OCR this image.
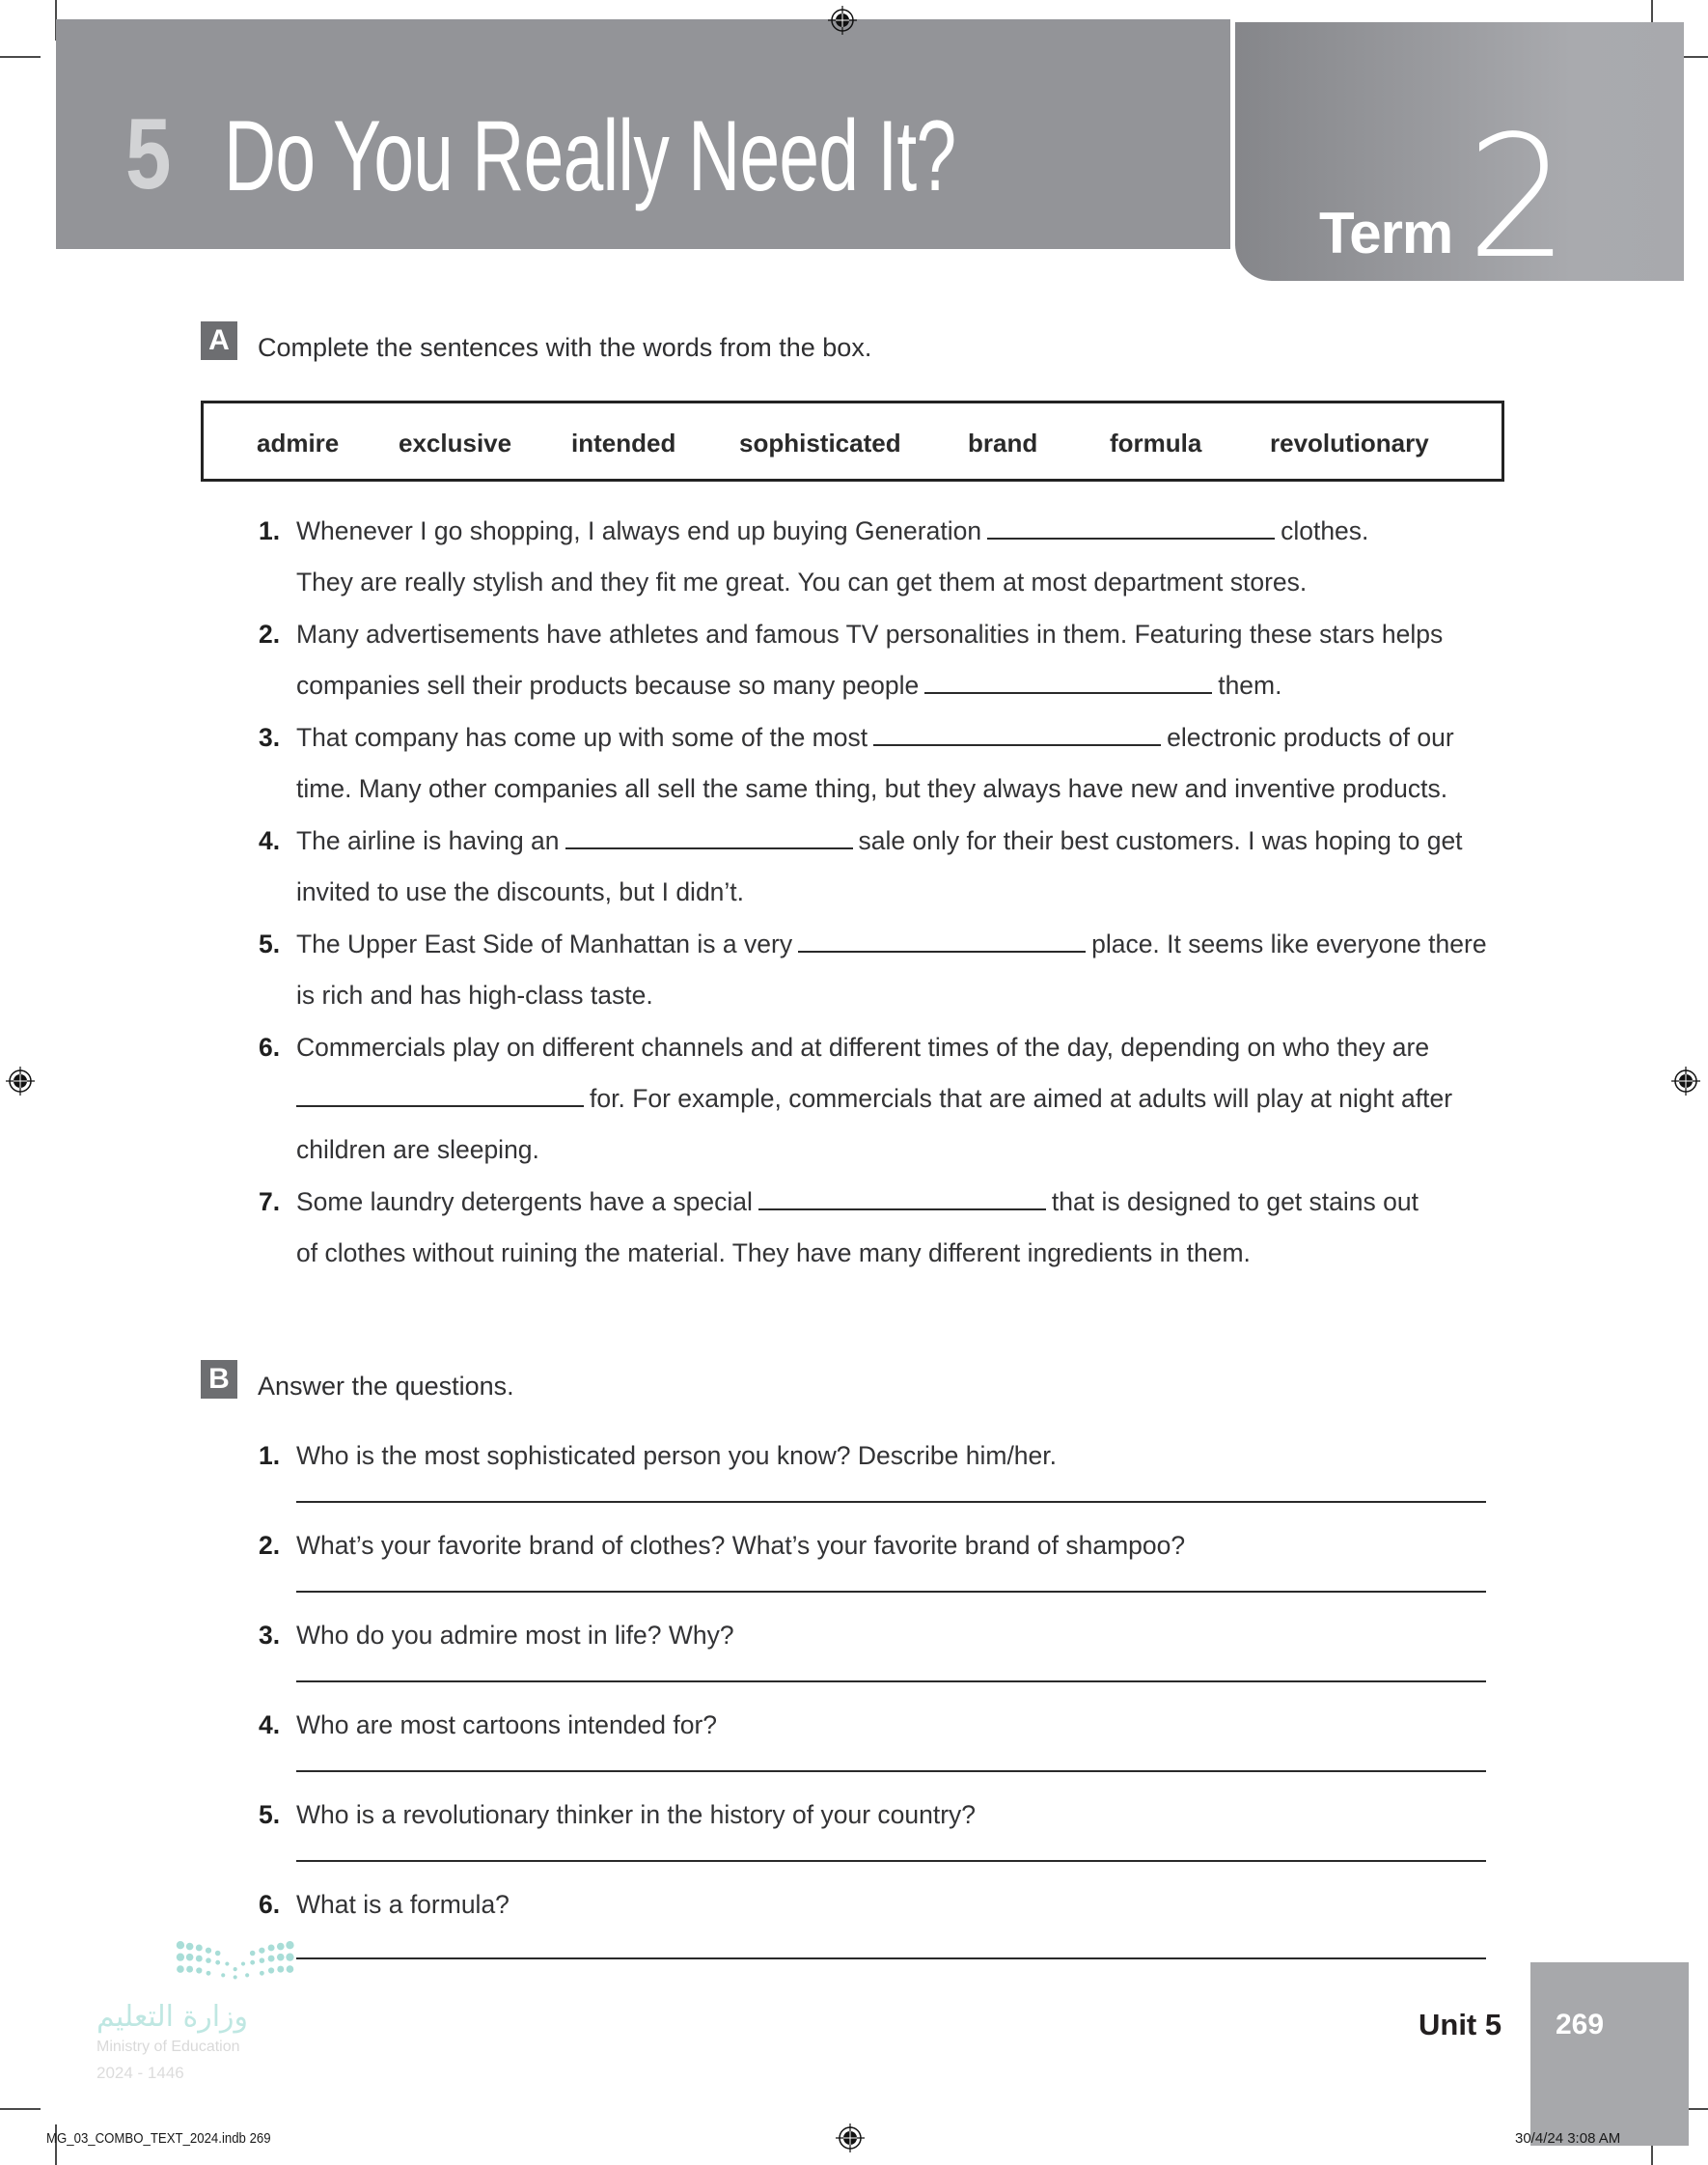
5 Do You Really Need It?
Term 2
A	Complete the sentences with the words from the box.
admire exclusive intended	sophisticated	brand	formula	revolutionary
1. Whenever I go shopping, I always end up buying Generation	clothes.
They are really stylish and they fit me great. You can get them at most department stores.
2. Many advertisements have athletes and famous TV personalities in them. Featuring these stars helps
companies sell their products because so many people	them.
3. That company has come up with some of the most	electronic products of our
time. Many other companies all sell the same thing, but they always have new and inventive products.
4. The airline is having an	sale only for their best customers. I was hoping to get
invited to use the discounts, but I didn’t.
5. The Upper East Side of Manhattan is a very	place. It seems like everyone there
is rich and has high-class taste.
6. Commercials play on different channels and at different times of the day, depending on who they are
for. For example, commercials that are aimed at adults will play at night after
children are sleeping.
7. Some laundry detergents have a special	that is designed to get stains out
of clothes without ruining the material. They have many different ingredients in them.
B	Answer the questions.
1. Who is the most sophisticated person you know? Describe him/her.
2. What’s your favorite brand of clothes? What’s your favorite brand of shampoo?
3. Who do you admire most in life? Why?
4. Who are most cartoons intended for?
5. Who is a revolutionary thinker in the history of your country?
6. What is a formula?
وزارة التعليم
Ministry of Education
2024 - 1446
Unit 5 269
MG_03_COMBO_TEXT_2024.indb 269	30/4/24 3:08 AM
